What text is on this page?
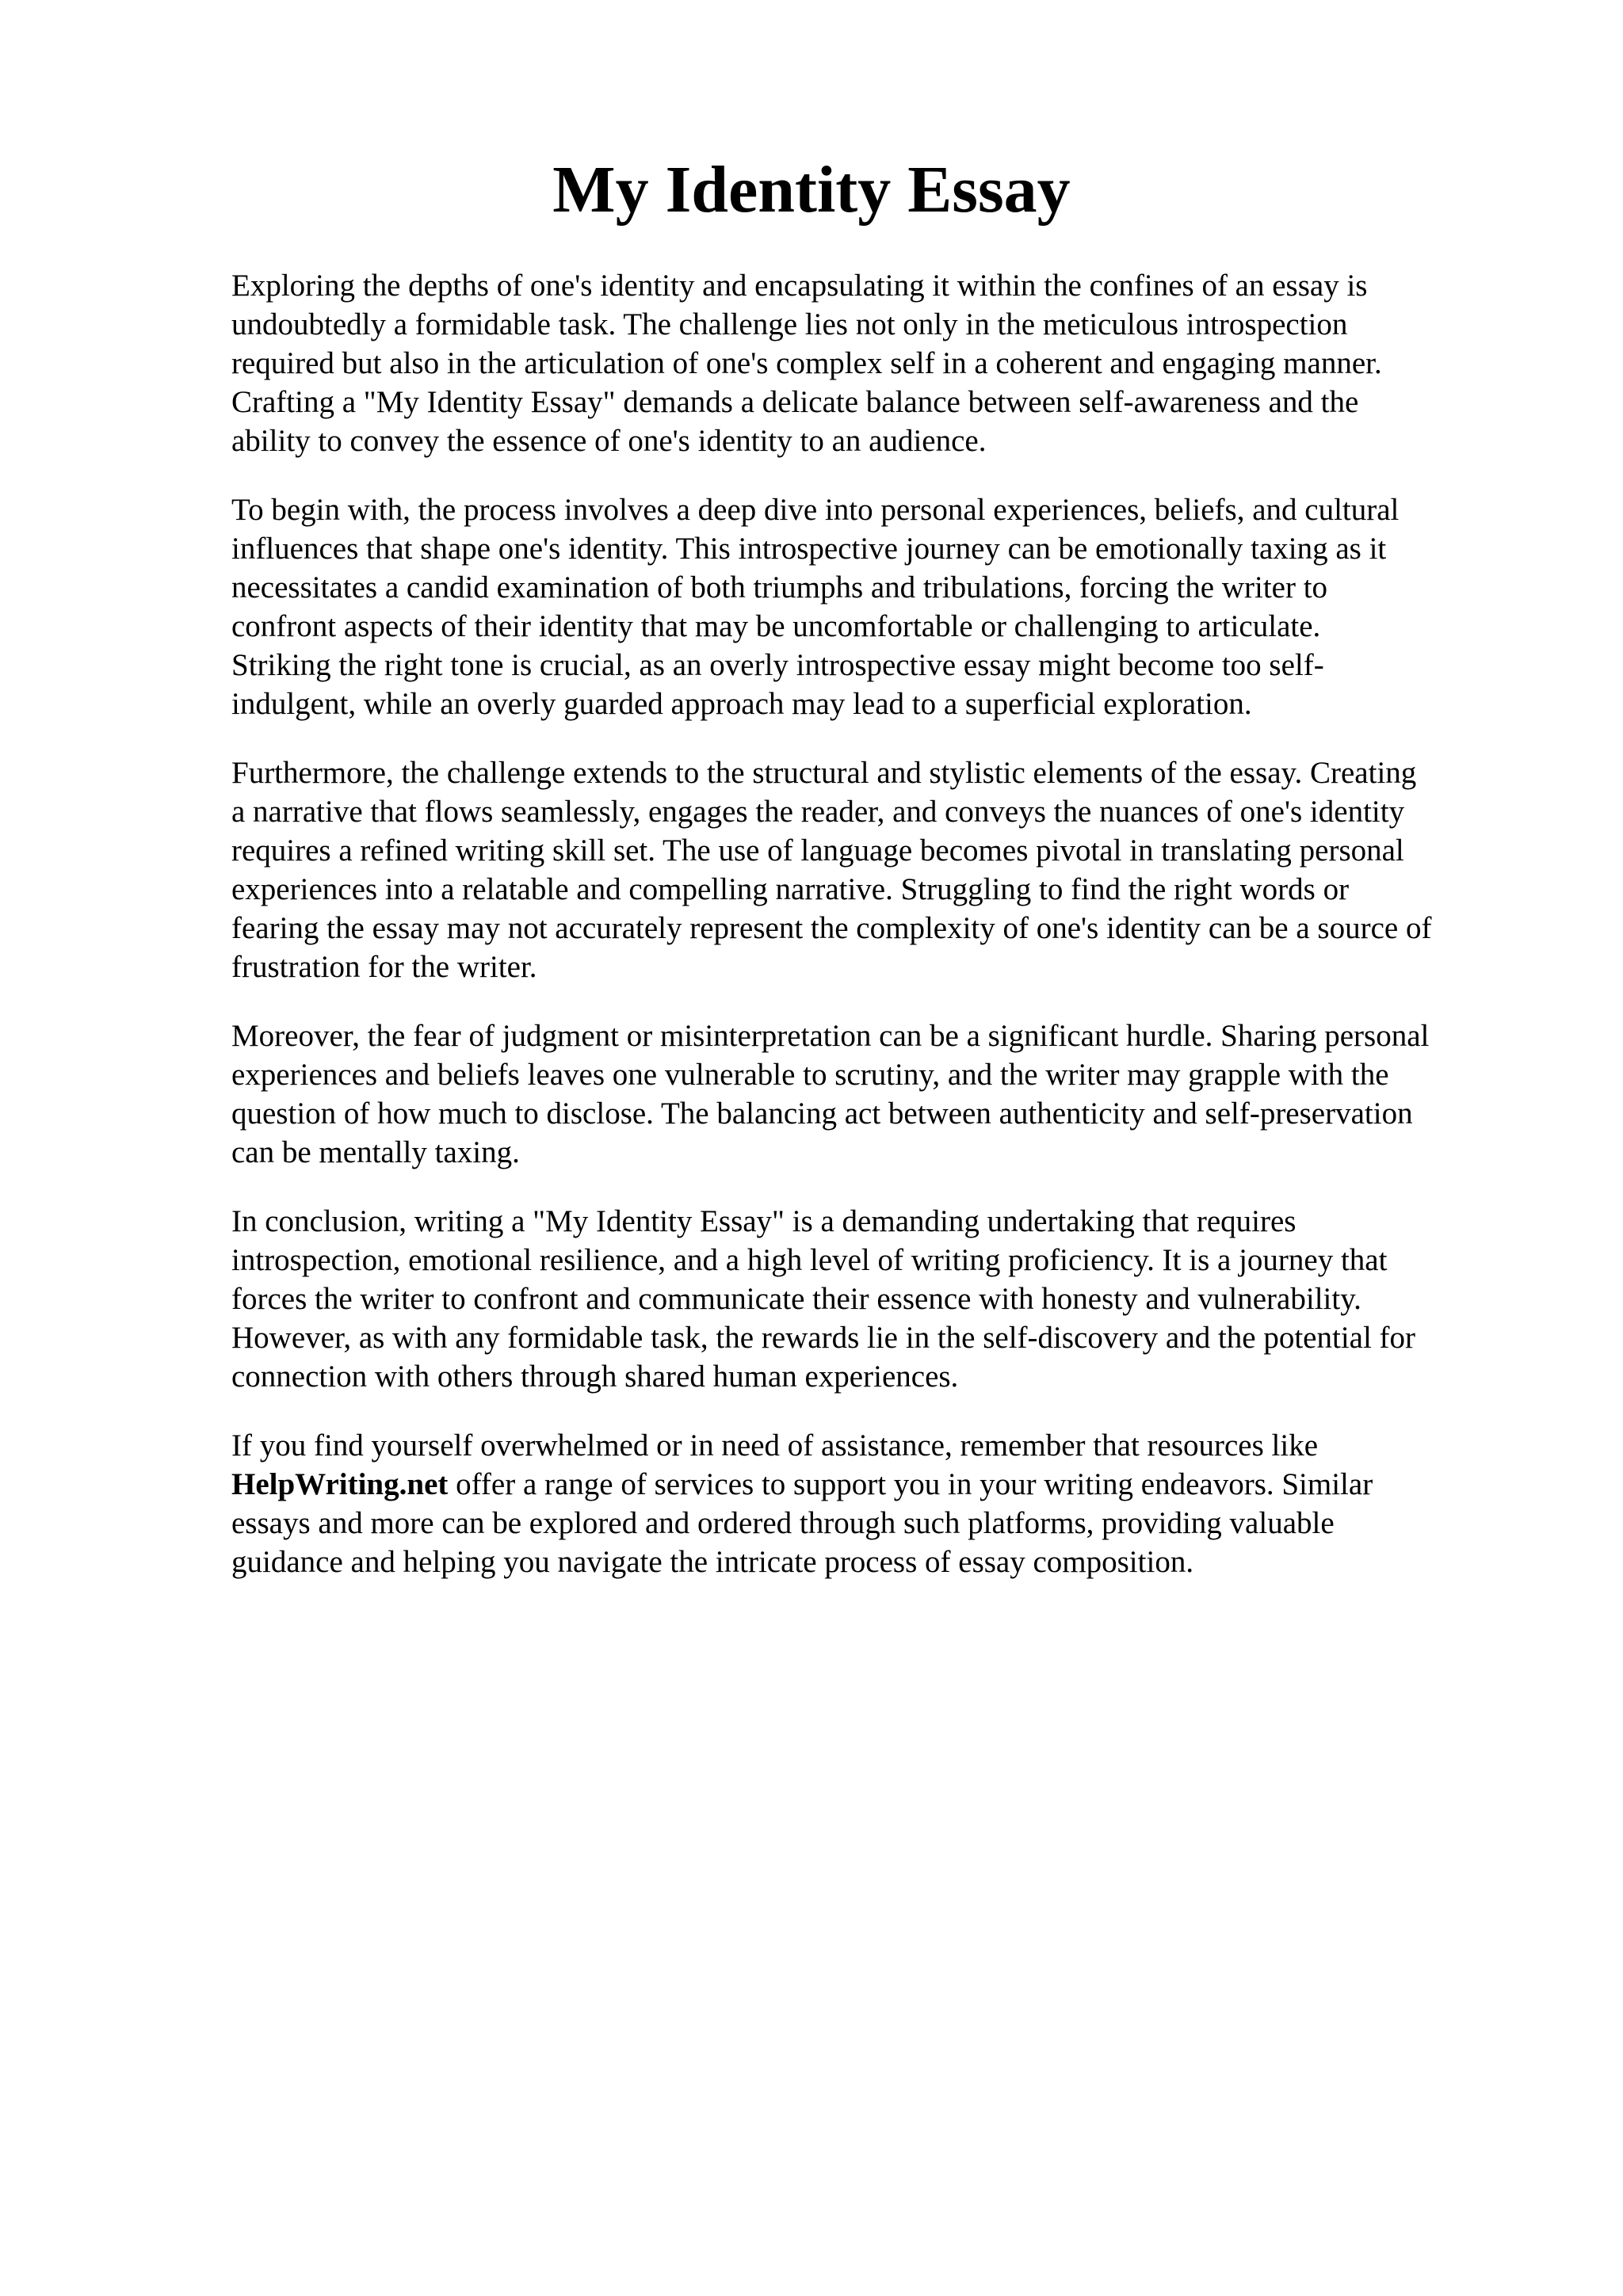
My Identity Essay

Exploring the depths of one's identity and encapsulating it within the confines of an essay is
undoubtedly a formidable task. The challenge lies not only in the meticulous introspection
required but also in the articulation of one's complex self in a coherent and engaging manner.
Crafting a "My Identity Essay" demands a delicate balance between self-awareness and the
ability to convey the essence of one's identity to an audience.

To begin with, the process involves a deep dive into personal experiences, beliefs, and cultural
influences that shape one's identity. This introspective journey can be emotionally taxing as it
necessitates a candid examination of both triumphs and tribulations, forcing the writer to
confront aspects of their identity that may be uncomfortable or challenging to articulate.
Striking the right tone is crucial, as an overly introspective essay might become too self-
indulgent, while an overly guarded approach may lead to a superficial exploration.

Furthermore, the challenge extends to the structural and stylistic elements of the essay. Creating
a narrative that flows seamlessly, engages the reader, and conveys the nuances of one's identity
requires a refined writing skill set. The use of language becomes pivotal in translating personal
experiences into a relatable and compelling narrative. Struggling to find the right words or
fearing the essay may not accurately represent the complexity of one's identity can be a source of
frustration for the writer.

Moreover, the fear of judgment or misinterpretation can be a significant hurdle. Sharing personal
experiences and beliefs leaves one vulnerable to scrutiny, and the writer may grapple with the
question of how much to disclose. The balancing act between authenticity and self-preservation
can be mentally taxing.

In conclusion, writing a "My Identity Essay" is a demanding undertaking that requires
introspection, emotional resilience, and a high level of writing proficiency. It is a journey that
forces the writer to confront and communicate their essence with honesty and vulnerability.
However, as with any formidable task, the rewards lie in the self-discovery and the potential for
connection with others through shared human experiences.

If you find yourself overwhelmed or in need of assistance, remember that resources like
HelpWriting.net offer a range of services to support you in your writing endeavors. Similar
essays and more can be explored and ordered through such platforms, providing valuable
guidance and helping you navigate the intricate process of essay composition.
